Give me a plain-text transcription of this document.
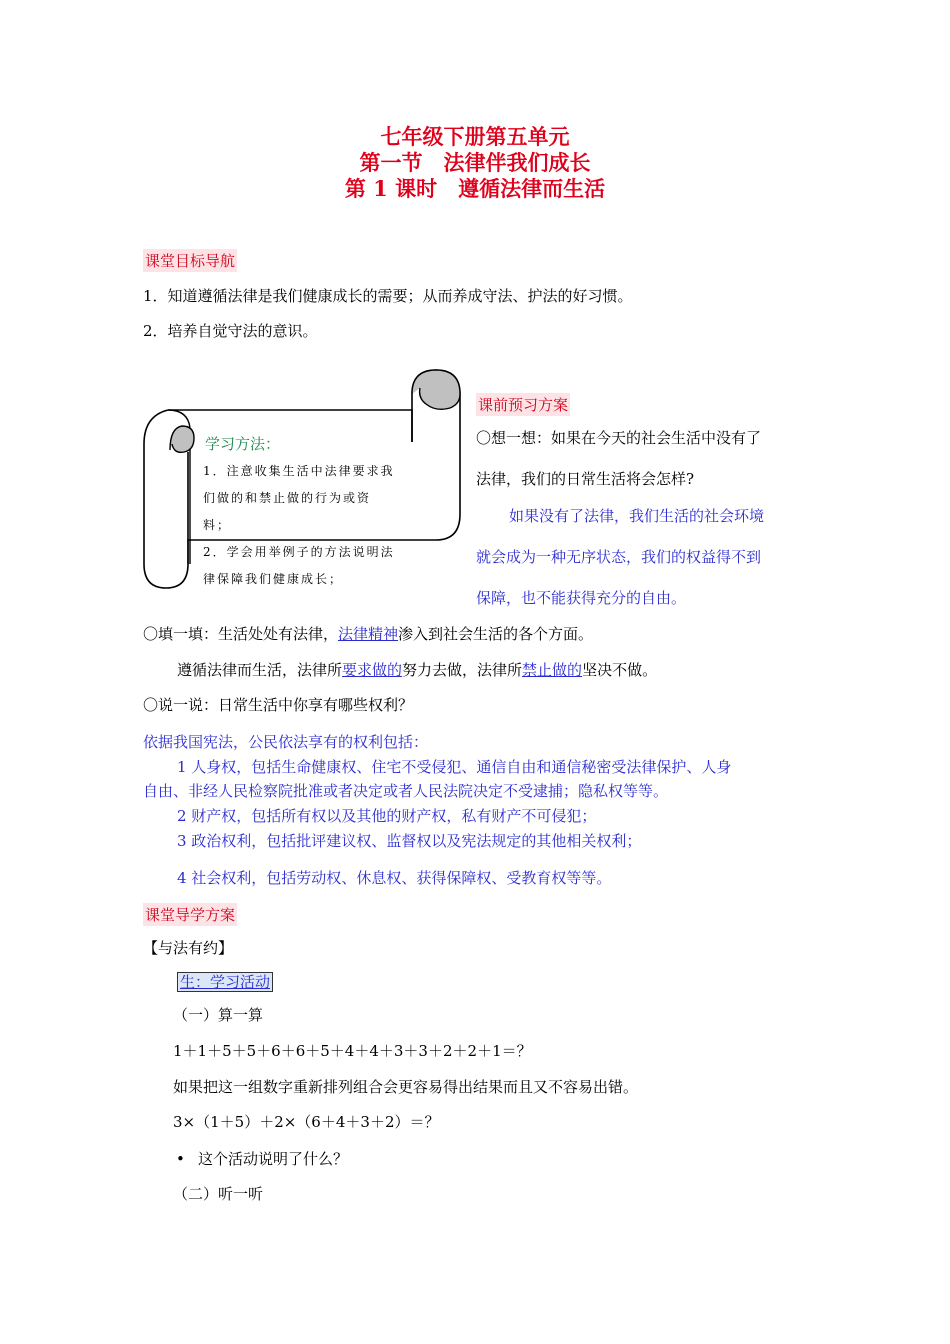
七年级下册第五单元
第一节　法律伴我们成长
第 1 课时　遵循法律而生活
课堂目标导航
1．知道遵循法律是我们健康成长的需要；从而养成守法、护法的好习惯。
2．培养自觉守法的意识。
学习方法：
1．注意收集生活中法律要求我
们做的和禁止做的行为或资
料；
2．学会用举例子的方法说明法
律保障我们健康成长；
课前预习方案
〇想一想：如果在今天的社会生活中没有了
法律，我们的日常生活将会怎样?
如果没有了法律，我们生活的社会环境
就会成为一种无序状态，我们的权益得不到
保障，也不能获得充分的自由。
〇填一填：生活处处有法律，法律精神渗入到社会生活的各个方面。
遵循法律而生活，法律所要求做的努力去做，法律所禁止做的坚决不做。
〇说一说：日常生活中你享有哪些权利？
依据我国宪法，公民依法享有的权利包括：
1 人身权，包括生命健康权、住宅不受侵犯、通信自由和通信秘密受法律保护、人身
自由、非经人民检察院批准或者决定或者人民法院决定不受逮捕；隐私权等等。
2 财产权，包括所有权以及其他的财产权，私有财产不可侵犯；
3 政治权利，包括批评建议权、监督权以及宪法规定的其他相关权利；
4 社会权利，包括劳动权、休息权、获得保障权、受教育权等等。
课堂导学方案
【与法有约】
生：学习活动
（一）算一算
1＋1＋5＋5＋6＋6＋5＋4＋4＋3＋3＋2＋2＋1＝？
如果把这一组数字重新排列组合会更容易得出结果而且又不容易出错。
3×（1＋5）＋2×（6＋4＋3＋2）＝？
• 这个活动说明了什么？
（二）听一听
